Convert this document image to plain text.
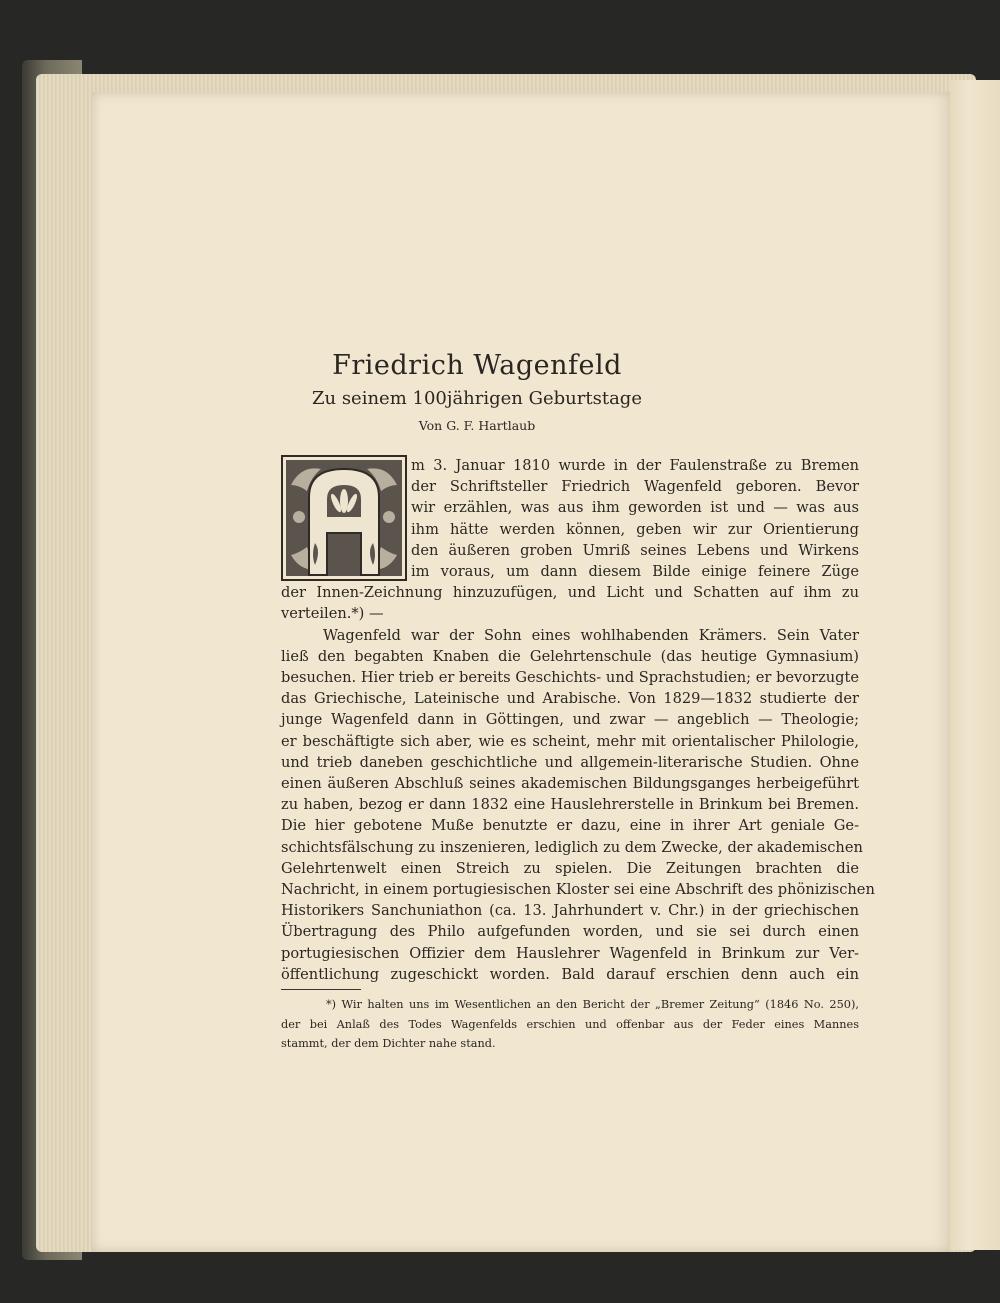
Friedrich Wagenfeld
Zu seinem 100jährigen Geburtstage
Von G. F. Hartlaub
m 3. Januar 1810 wurde in der Faulenstraße zu Bremen
der Schriftsteller Friedrich Wagenfeld geboren. Bevor
wir erzählen, was aus ihm geworden ist und — was aus
ihm hätte werden können, geben wir zur Orientierung
den äußeren groben Umriß seines Lebens und Wirkens
im voraus, um dann diesem Bilde einige feinere Züge
der Innen-Zeichnung hinzuzufügen, und Licht und Schatten auf ihm zu
verteilen.*) —
Wagenfeld war der Sohn eines wohlhabenden Krämers. Sein Vater
ließ den begabten Knaben die Gelehrtenschule (das heutige Gymnasium)
besuchen. Hier trieb er bereits Geschichts- und Sprachstudien; er bevorzugte
das Griechische, Lateinische und Arabische. Von 1829—1832 studierte der
junge Wagenfeld dann in Göttingen, und zwar — angeblich — Theologie;
er beschäftigte sich aber, wie es scheint, mehr mit orientalischer Philologie,
und trieb daneben geschichtliche und allgemein-literarische Studien. Ohne
einen äußeren Abschluß seines akademischen Bildungsganges herbeigeführt
zu haben, bezog er dann 1832 eine Hauslehrerstelle in Brinkum bei Bremen.
Die hier gebotene Muße benutzte er dazu, eine in ihrer Art geniale Ge-
schichtsfälschung zu inszenieren, lediglich zu dem Zwecke, der akademischen
Gelehrtenwelt einen Streich zu spielen. Die Zeitungen brachten die
Nachricht, in einem portugiesischen Kloster sei eine Abschrift des phönizischen
Historikers Sanchuniathon (ca. 13. Jahrhundert v. Chr.) in der griechischen
Übertragung des Philo aufgefunden worden, und sie sei durch einen
portugiesischen Offizier dem Hauslehrer Wagenfeld in Brinkum zur Ver-
öffentlichung zugeschickt worden. Bald darauf erschien denn auch ein
*) Wir halten uns im Wesentlichen an den Bericht der „Bremer Zeitung“ (1846 No. 250),
der bei Anlaß des Todes Wagenfelds erschien und offenbar aus der Feder eines Mannes
stammt, der dem Dichter nahe stand.
